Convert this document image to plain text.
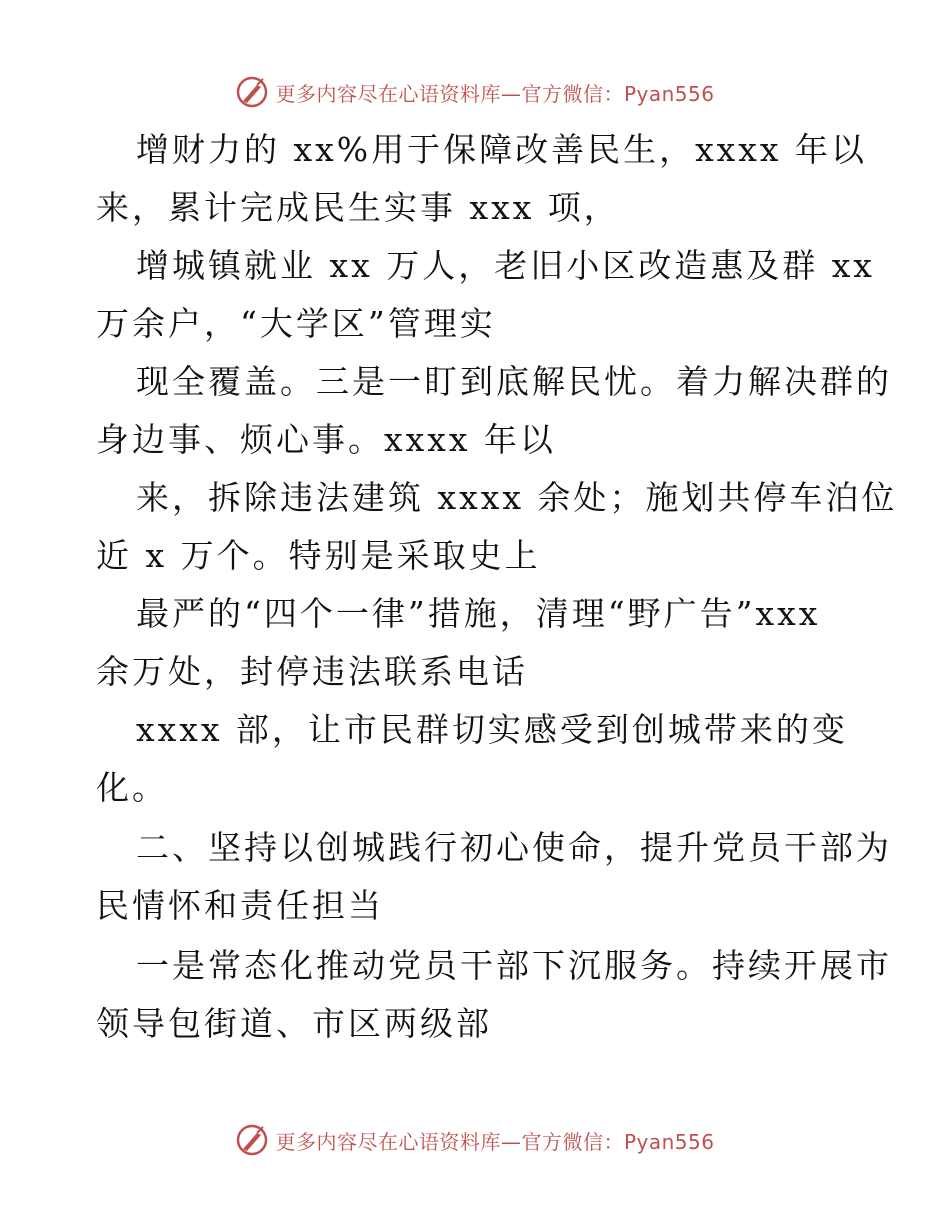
更多内容尽在心语资料库—官方微信：Pyan556
增财力的 xx%用于保障改善民生，xxxx 年以
来，累计完成民生实事 xxx 项，
增城镇就业 xx 万人，老旧小区改造惠及群 xx
万余户，“大学区”管理实
现全覆盖。三是一盯到底解民忧。着力解决群的
身边事、烦心事。xxxx 年以
来，拆除违法建筑 xxxx 余处；施划共停车泊位
近 x 万个。特别是采取史上
最严的“四个一律”措施，清理“野广告”xxx
余万处，封停违法联系电话
xxxx 部，让市民群切实感受到创城带来的变
化。
二、坚持以创城践行初心使命，提升党员干部为
民情怀和责任担当
一是常态化推动党员干部下沉服务。持续开展市
领导包街道、市区两级部
更多内容尽在心语资料库—官方微信：Pyan556
